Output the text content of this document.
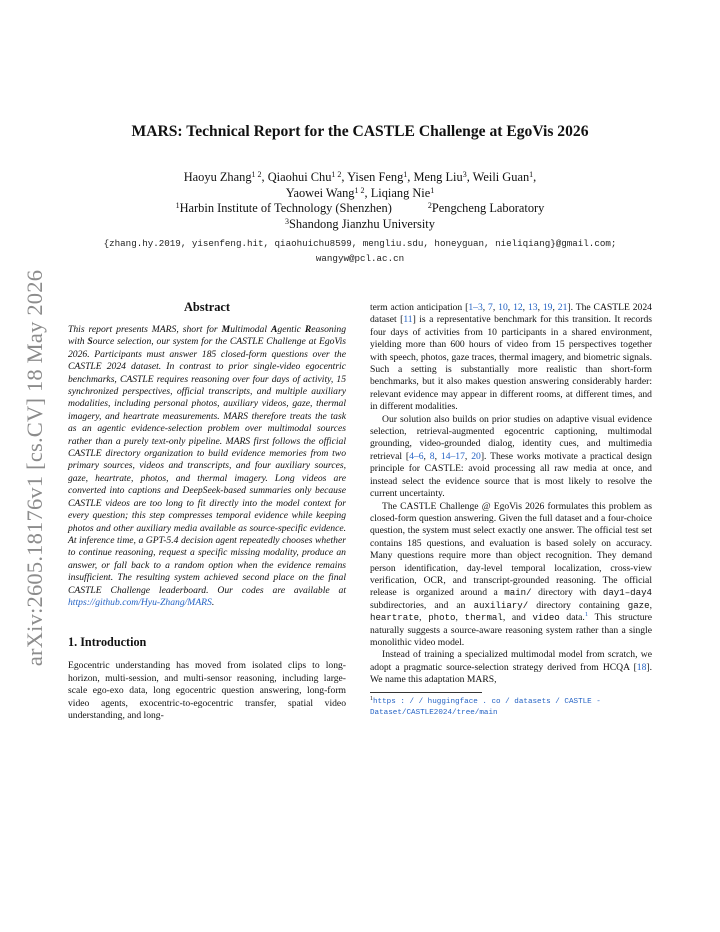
arXiv:2605.18176v1 [cs.CV] 18 May 2026
MARS: Technical Report for the CASTLE Challenge at EgoVis 2026
Haoyu Zhang$^{1 2}$, Qiaohui Chu$^{1 2}$, Yisen Feng$^1$, Meng Liu$^3$, Weili Guan$^1$,
Yaowei Wang$^{1 2}$, Liqiang Nie$^1$
$^1$Harbin Institute of Technology (Shenzhen)	$^2$Pengcheng Laboratory
$^3$Shandong Jianzhu University
{zhang.hy.2019, yisenfeng.hit, qiaohuichu8599, mengliu.sdu, honeyguan, nieliqiang}@gmail.com;
wangyw@pcl.ac.cn
Abstract

This report presents MARS, short for Multimodal Agentic Reasoning with Source selection, our system for the CASTLE Challenge at EgoVis 2026. Participants must answer 185 closed-form questions over the CASTLE 2024 dataset. In contrast to prior single-video egocentric benchmarks, CASTLE requires reasoning over four days of activity, 15 synchronized perspectives, official transcripts, and multiple auxiliary modalities, including personal photos, auxiliary videos, gaze, thermal imagery, and heartrate measurements. MARS therefore treats the task as an agentic evidence-selection problem over multimodal sources rather than a purely text-only pipeline. MARS first follows the official CASTLE directory organization to build evidence memories from two primary sources, videos and transcripts, and four auxiliary sources, gaze, heartrate, photos, and thermal imagery. Long videos are converted into captions and DeepSeek-based summaries only because CASTLE videos are too long to fit directly into the model context for every question; this step compresses temporal evidence while keeping photos and other auxiliary media available as source-specific evidence. At inference time, a GPT-5.4 decision agent repeatedly chooses whether to continue reasoning, request a specific missing modality, produce an answer, or fall back to a random option when the evidence remains insufficient. The resulting system achieved second place on the final CASTLE Challenge leaderboard. Our codes are available at https://github.com/Hyu-Zhang/MARS.

1. Introduction

Egocentric understanding has moved from isolated clips to long-horizon, multi-session, and multi-sensor reasoning, including large-scale ego-exo data, long egocentric question answering, long-form video agents, exocentric-to-egocentric transfer, spatial video understanding, and long-

term action anticipation [1–3, 7, 10, 12, 13, 19, 21]. The CASTLE 2024 dataset [11] is a representative benchmark for this transition. It records four days of activities from 10 participants in a shared environment, yielding more than 600 hours of video from 15 perspectives together with speech, photos, gaze traces, thermal imagery, and biometric signals. Such a setting is substantially more realistic than short-form benchmarks, but it also makes question answering considerably harder: relevant evidence may appear in different rooms, at different times, and in different modalities.

Our solution also builds on prior studies on adaptive visual evidence selection, retrieval-augmented egocentric captioning, multimodal grounding, video-grounded dialog, identity cues, and multimedia retrieval [4–6, 8, 14–17, 20]. These works motivate a practical design principle for CASTLE: avoid processing all raw media at once, and instead select the evidence source that is most likely to resolve the current uncertainty.

The CASTLE Challenge @ EgoVis 2026 formulates this problem as closed-form question answering. Given the full dataset and a four-choice question, the system must select exactly one answer. The official test set contains 185 questions, and evaluation is based solely on accuracy. Many questions require more than object recognition. They demand person identification, day-level temporal localization, cross-view verification, OCR, and transcript-grounded reasoning. The official release is organized around a main/ directory with day1–day4 subdirectories, and an auxiliary/ directory containing gaze, heartrate, photo, thermal, and video data.$^1$ This structure naturally suggests a source-aware reasoning system rather than a single monolithic video model.

Instead of training a specialized multimodal model from scratch, we adopt a pragmatic source-selection strategy derived from HCQA [18]. We name this adaptation MARS,

$^1$https : / / huggingface . co / datasets / CASTLE -
Dataset/CASTLE2024/tree/main
